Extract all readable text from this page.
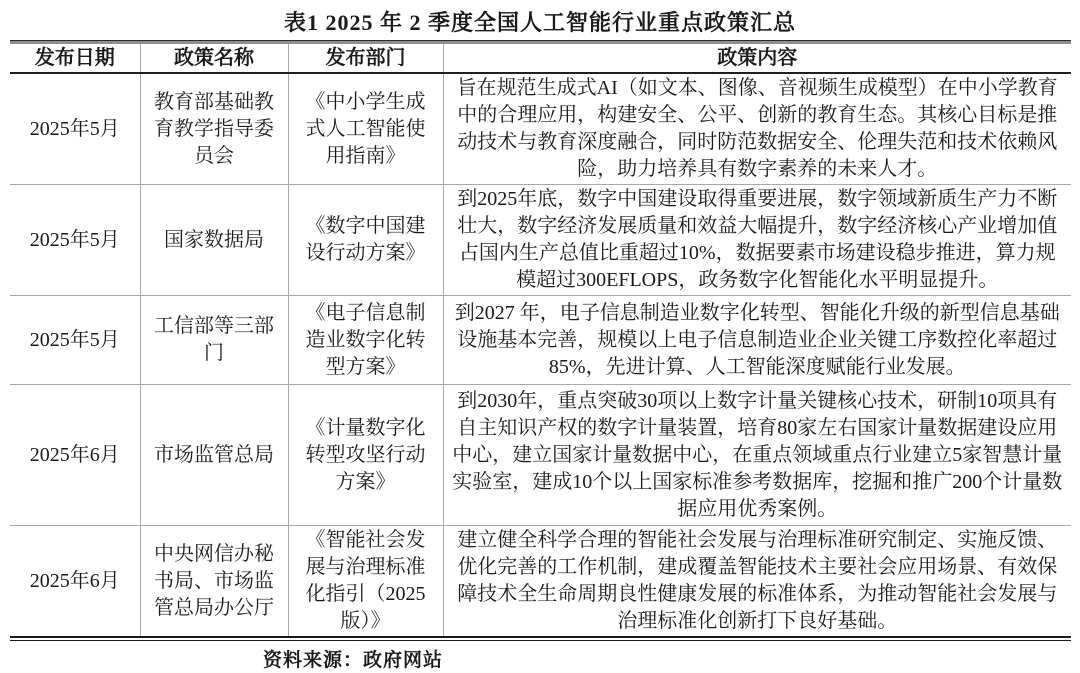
表1 2025 年 2 季度全国人工智能行业重点政策汇总
发布日期	政策名称	发布部门	政策内容
2025年5月	教育部基础教育教学指导委员会	《中小学生成式人工智能使用指南》	旨在规范生成式AI（如文本、图像、音视频生成模型）在中小学教育中的合理应用，构建安全、公平、创新的教育生态。其核心目标是推动技术与教育深度融合，同时防范数据安全、伦理失范和技术依赖风险，助力培养具有数字素养的未来人才。
2025年5月	国家数据局	《数字中国建设行动方案》	到2025年底，数字中国建设取得重要进展，数字领域新质生产力不断壮大，数字经济发展质量和效益大幅提升，数字经济核心产业增加值占国内生产总值比重超过10%，数据要素市场建设稳步推进，算力规模超过300EFLOPS，政务数字化智能化水平明显提升。
2025年5月	工信部等三部门	《电子信息制造业数字化转型方案》	到2027 年，电子信息制造业数字化转型、智能化升级的新型信息基础设施基本完善，规模以上电子信息制造业企业关键工序数控化率超过85%，先进计算、人工智能深度赋能行业发展。
2025年6月	市场监管总局	《计量数字化转型攻坚行动方案》	到2030年，重点突破30项以上数字计量关键核心技术，研制10项具有自主知识产权的数字计量装置，培育80家左右国家计量数据建设应用中心，建立国家计量数据中心，在重点领域重点行业建立5家智慧计量实验室，建成10个以上国家标准参考数据库，挖掘和推广200个计量数据应用优秀案例。
2025年6月	中央网信办秘书局、市场监管总局办公厅	《智能社会发展与治理标准化指引（2025版）》	建立健全科学合理的智能社会发展与治理标准研究制定、实施反馈、优化完善的工作机制，建成覆盖智能技术主要社会应用场景、有效保障技术全生命周期良性健康发展的标准体系，为推动智能社会发展与治理标准化创新打下良好基础。
资料来源：政府网站
